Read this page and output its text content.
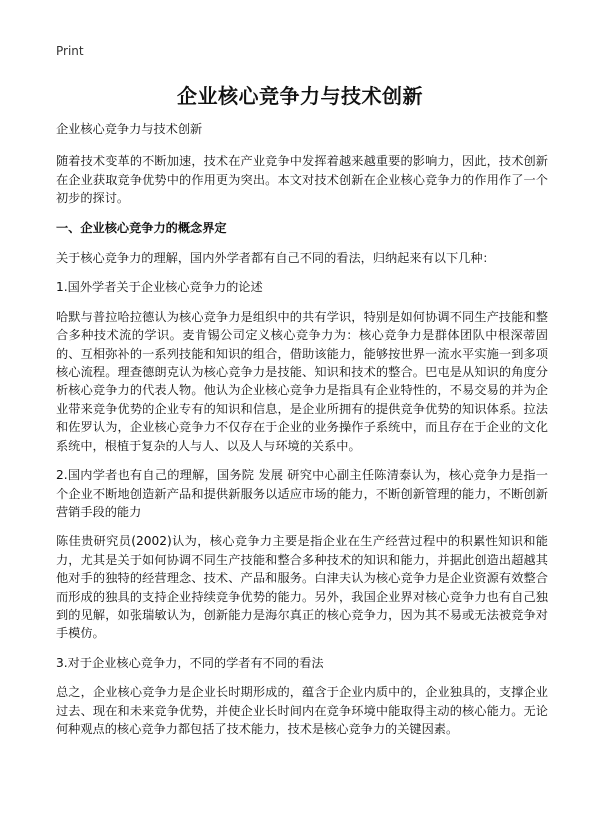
Print
企业核心竞争力与技术创新

企业核心竞争力与技术创新

随着技术变革的不断加速，技术在产业竞争中发挥着越来越重要的影响力，因此，技术创新在企业获取竞争优势中的作用更为突出。本文对技术创新在企业核心竞争力的作用作了一个初步的探讨。

一、企业核心竞争力的概念界定

关于核心竞争力的理解，国内外学者都有自己不同的看法，归纳起来有以下几种：

1.国外学者关于企业核心竞争力的论述

哈默与普拉哈拉德认为核心竞争力是组织中的共有学识，特别是如何协调不同生产技能和整合多种技术流的学识。麦肯锡公司定义核心竞争力为：核心竞争力是群体团队中根深蒂固的、互相弥补的一系列技能和知识的组合，借助该能力，能够按世界一流水平实施一到多项核心流程。理查德朗克认为核心竞争力是技能、知识和技术的整合。巴屯是从知识的角度分析核心竞争力的代表人物。他认为企业核心竞争力是指具有企业特性的，不易交易的并为企业带来竞争优势的企业专有的知识和信息，是企业所拥有的提供竞争优势的知识体系。拉法和佐罗认为，企业核心竞争力不仅存在于企业的业务操作子系统中，而且存在于企业的文化系统中，根植于复杂的人与人、以及人与环境的关系中。

2.国内学者也有自己的理解，国务院 发展 研究中心副主任陈清泰认为，核心竞争力是指一个企业不断地创造新产品和提供新服务以适应市场的能力，不断创新管理的能力，不断创新营销手段的能力

陈佳贵研究员(2002)认为，核心竞争力主要是指企业在生产经营过程中的积累性知识和能力，尤其是关于如何协调不同生产技能和整合多种技术的知识和能力，并据此创造出超越其他对手的独特的经营理念、技术、产品和服务。白津夫认为核心竞争力是企业资源有效整合而形成的独具的支持企业持续竞争优势的能力。另外，我国企业界对核心竞争力也有自己独到的见解，如张瑞敏认为，创新能力是海尔真正的核心竞争力，因为其不易或无法被竞争对手模仿。

3.对于企业核心竞争力，不同的学者有不同的看法

总之，企业核心竞争力是企业长时期形成的，蕴含于企业内质中的，企业独具的，支撑企业过去、现在和未来竞争优势，并使企业长时间内在竞争环境中能取得主动的核心能力。无论何种观点的核心竞争力都包括了技术能力，技术是核心竞争力的关键因素。
